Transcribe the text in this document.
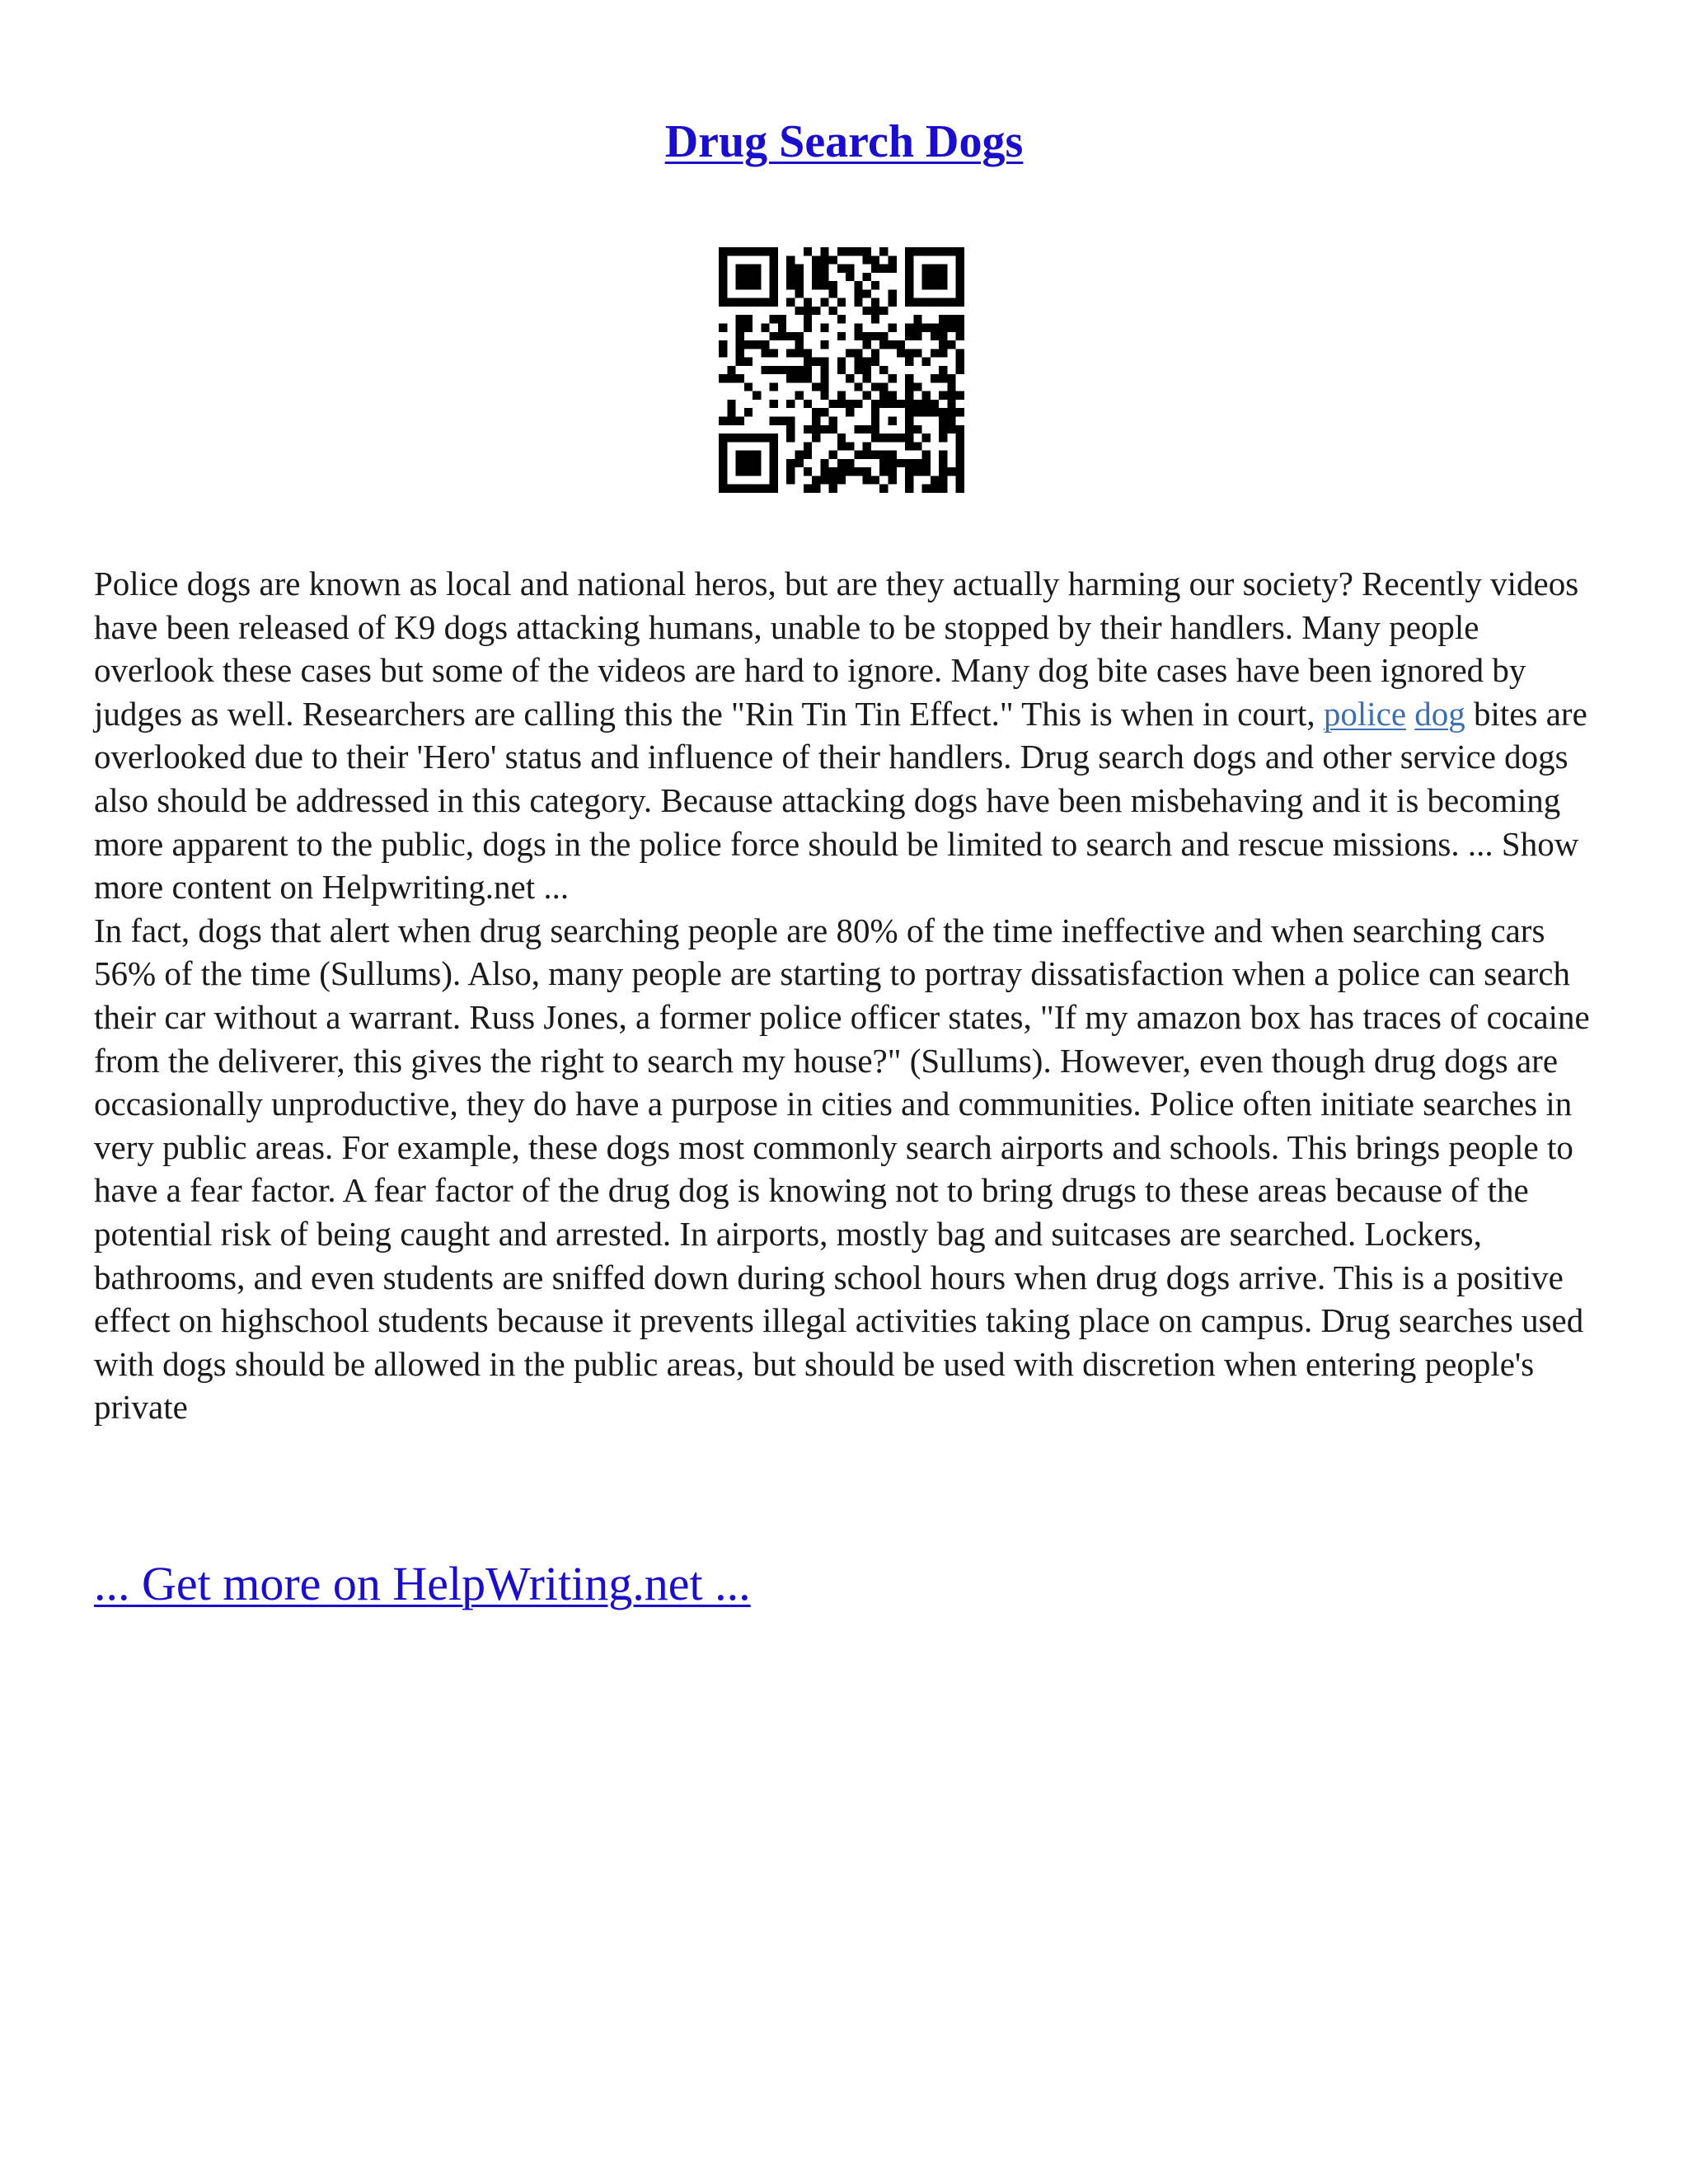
Drug Search Dogs

Police dogs are known as local and national heros, but are they actually harming our society? Recently videos have been released of K9 dogs attacking humans, unable to be stopped by their handlers. Many people overlook these cases but some of the videos are hard to ignore. Many dog bite cases have been ignored by judges as well. Researchers are calling this the "Rin Tin Tin Effect." This is when in court, police dog bites are overlooked due to their 'Hero' status and influence of their handlers. Drug search dogs and other service dogs also should be addressed in this category. Because attacking dogs have been misbehaving and it is becoming more apparent to the public, dogs in the police force should be limited to search and rescue missions. ... Show more content on Helpwriting.net ...

In fact, dogs that alert when drug searching people are 80% of the time ineffective and when searching cars 56% of the time (Sullums). Also, many people are starting to portray dissatisfaction when a police can search their car without a warrant. Russ Jones, a former police officer states, "If my amazon box has traces of cocaine from the deliverer, this gives the right to search my house?" (Sullums). However, even though drug dogs are occasionally unproductive, they do have a purpose in cities and communities. Police often initiate searches in very public areas. For example, these dogs most commonly search airports and schools. This brings people to have a fear factor. A fear factor of the drug dog is knowing not to bring drugs to these areas because of the potential risk of being caught and arrested. In airports, mostly bag and suitcases are searched. Lockers, bathrooms, and even students are sniffed down during school hours when drug dogs arrive. This is a positive effect on highschool students because it prevents illegal activities taking place on campus. Drug searches used with dogs should be allowed in the public areas, but should be used with discretion when entering people's private

... Get more on HelpWriting.net ...
